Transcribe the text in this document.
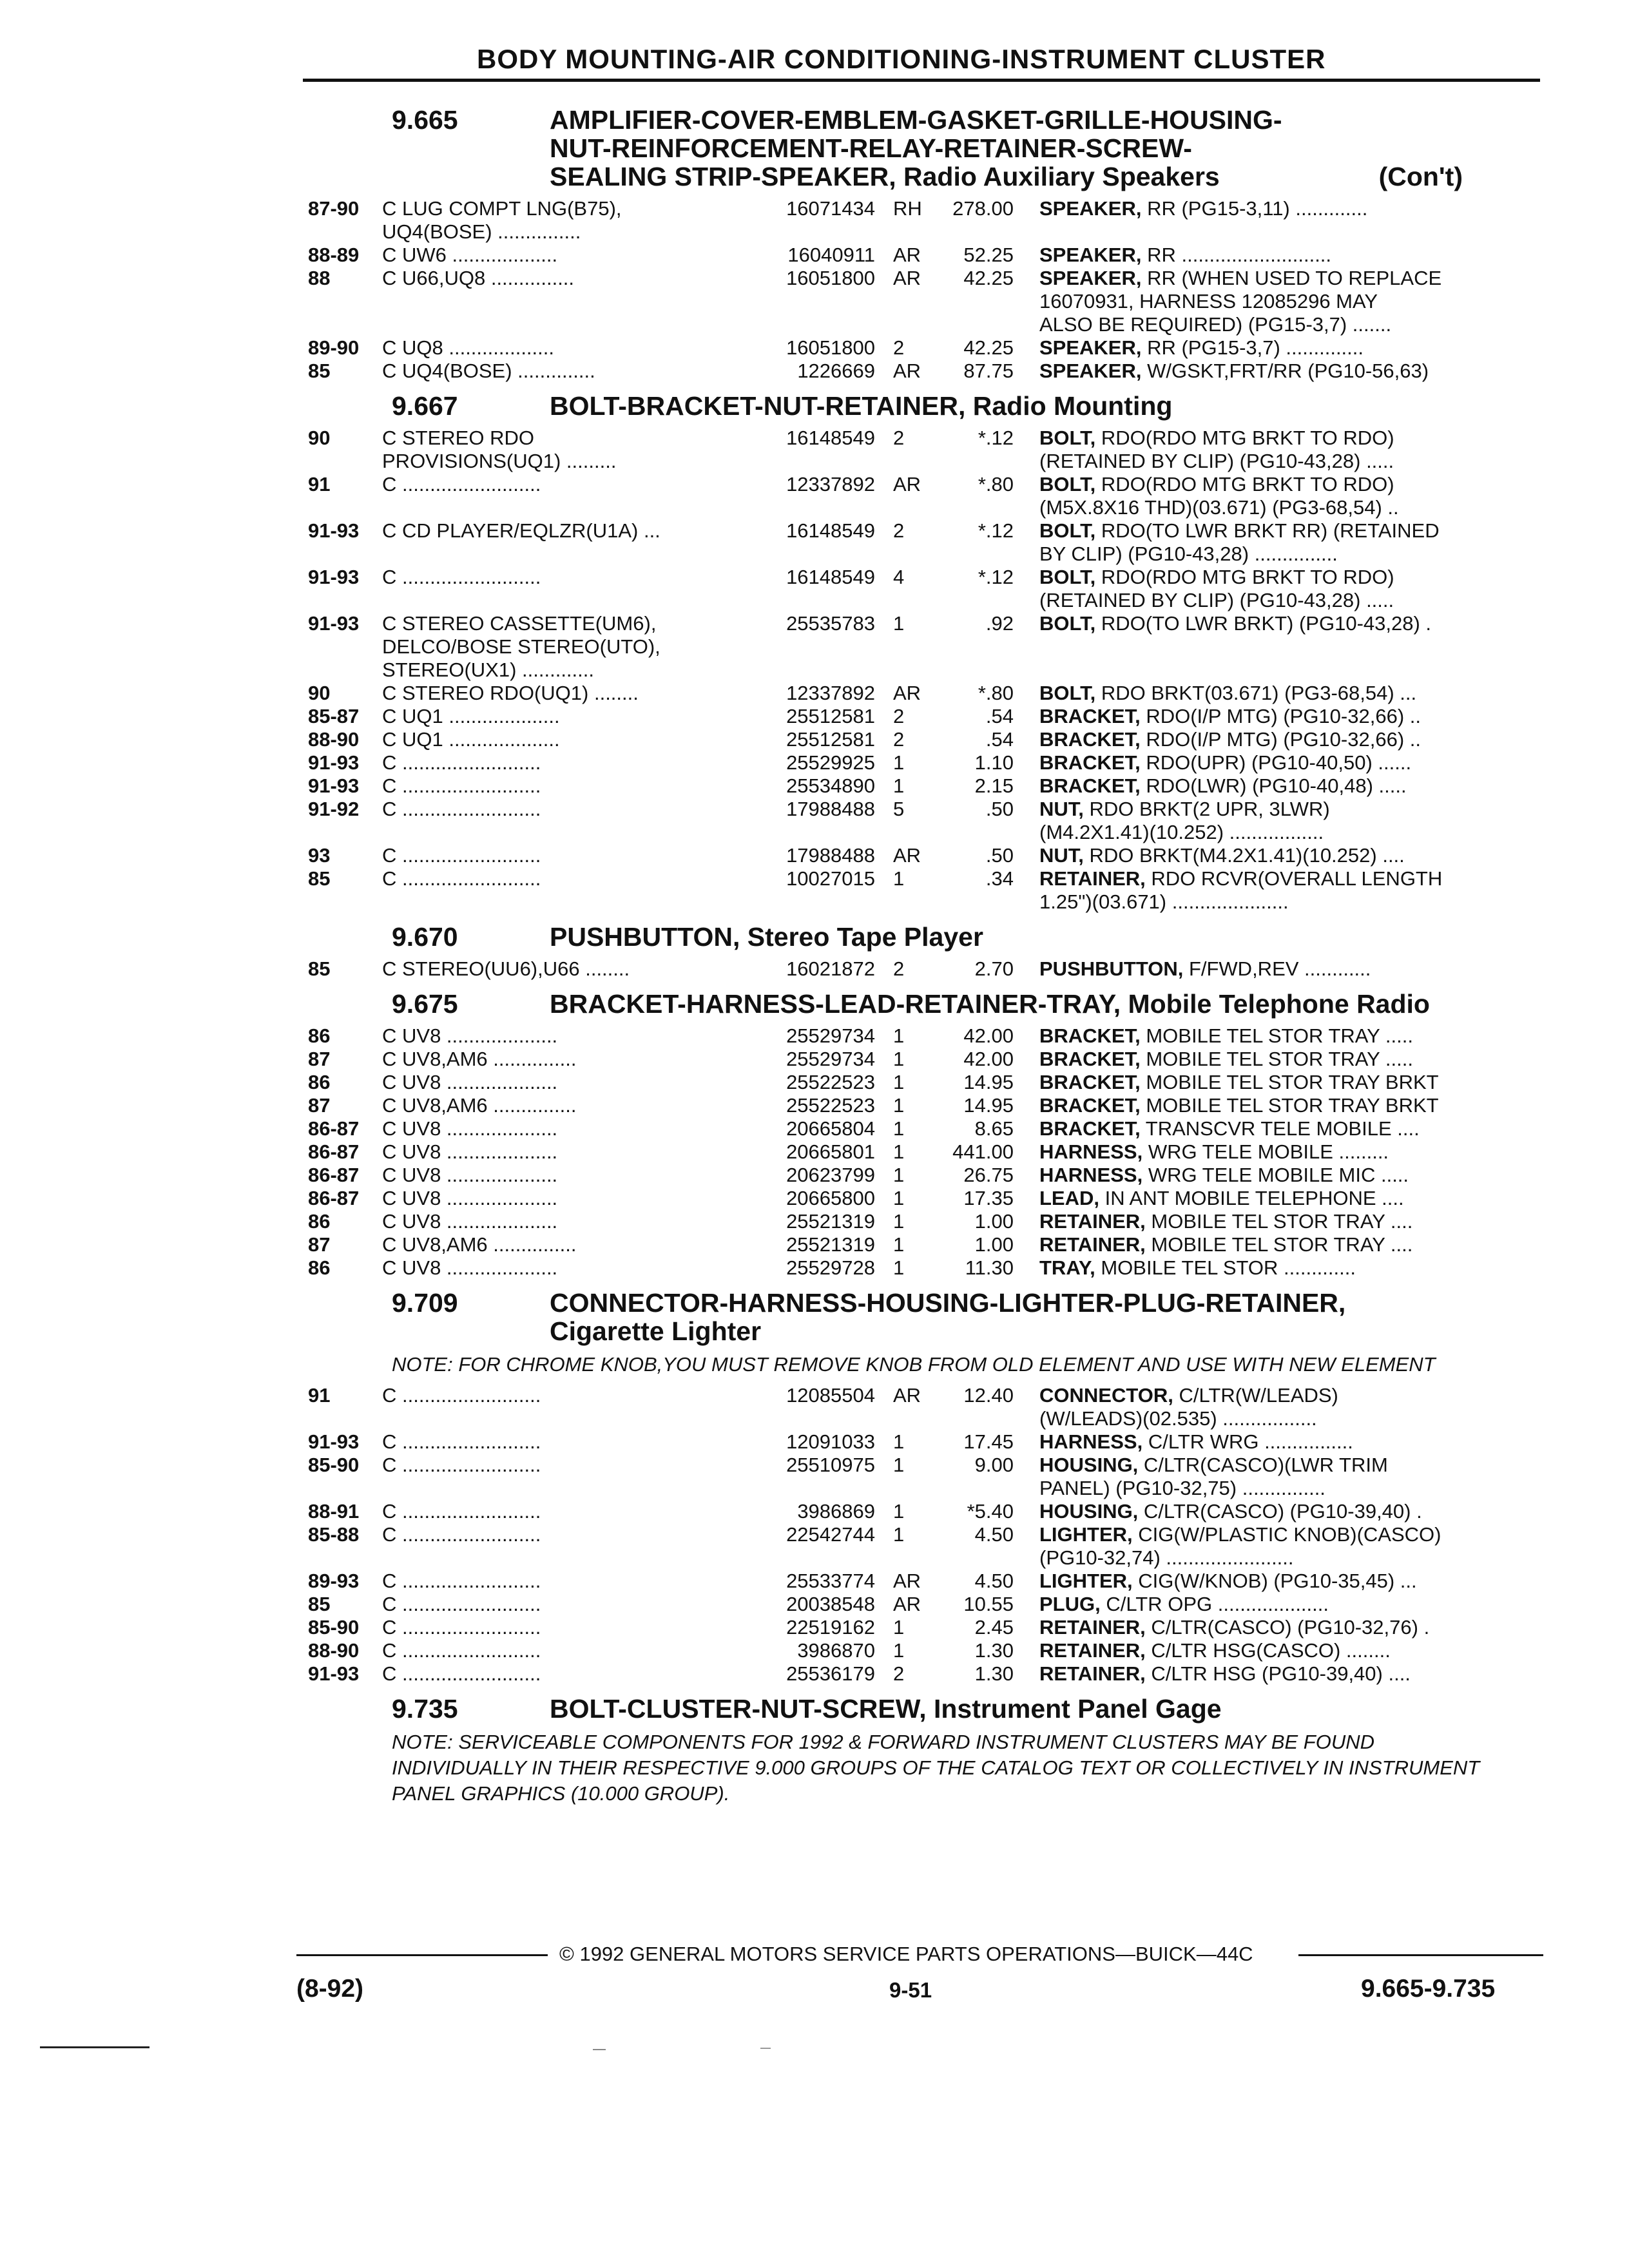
BODY MOUNTING-AIR CONDITIONING-INSTRUMENT CLUSTER
9.665	AMPLIFIER-COVER-EMBLEM-GASKET-GRILLE-HOUSING-
NUT-REINFORCEMENT-RELAY-RETAINER-SCREW-
SEALING STRIP-SPEAKER, Radio Auxiliary Speakers	(Con't)
87-90	C LUG COMPT LNG(B75),
UQ4(BOSE) ...............
16071434 RH	278.00	SPEAKER, RR (PG15-3,11) .............
88-89	C UW6 ...................	16040911 AR	52.25	SPEAKER, RR ...........................
88	C U66,UQ8 ...............	16051800 AR	42.25	SPEAKER, RR (WHEN USED TO REPLACE
16070931, HARNESS 12085296 MAY
ALSO BE REQUIRED) (PG15-3,7) .......
89-90	C UQ8 ...................	16051800 2	42.25	SPEAKER, RR (PG15-3,7) ..............
85	C UQ4(BOSE) ..............	1226669 AR	87.75	SPEAKER, W/GSKT,FRT/RR (PG10-56,63)
9.667	BOLT-BRACKET-NUT-RETAINER, Radio Mounting
90	C STEREO RDO
PROVISIONS(UQ1) .........
16148549 2	*.12	BOLT, RDO(RDO MTG BRKT TO RDO)
(RETAINED BY CLIP) (PG10-43,28) .....
91	C .........................	12337892 AR	*.80	BOLT, RDO(RDO MTG BRKT TO RDO)
(M5X.8X16 THD)(03.671) (PG3-68,54) ..
91-93	C CD PLAYER/EQLZR(U1A) ...	16148549 2	*.12	BOLT, RDO(TO LWR BRKT RR) (RETAINED
BY CLIP) (PG10-43,28) ...............
91-93	C .........................	16148549 4	*.12	BOLT, RDO(RDO MTG BRKT TO RDO)
(RETAINED BY CLIP) (PG10-43,28) .....
91-93	C STEREO CASSETTE(UM6),
DELCO/BOSE STEREO(UTO),
STEREO(UX1) .............
25535783 1	.92	BOLT, RDO(TO LWR BRKT) (PG10-43,28) .
90	C STEREO RDO(UQ1) ........	12337892 AR	*.80	BOLT, RDO BRKT(03.671) (PG3-68,54) ...
85-87	C UQ1 ....................	25512581 2	.54	BRACKET, RDO(I/P MTG) (PG10-32,66) ..
88-90	C UQ1 ....................	25512581 2	.54	BRACKET, RDO(I/P MTG) (PG10-32,66) ..
91-93	C .........................	25529925 1	1.10	BRACKET, RDO(UPR) (PG10-40,50) ......
91-93	C .........................	25534890 1	2.15	BRACKET, RDO(LWR) (PG10-40,48) .....
91-92	C .........................	17988488 5	.50	NUT, RDO BRKT(2 UPR, 3LWR)
(M4.2X1.41)(10.252) .................
93	C .........................	17988488 AR	.50	NUT, RDO BRKT(M4.2X1.41)(10.252) ....
85	C .........................	10027015 1	.34	RETAINER, RDO RCVR(OVERALL LENGTH
1.25")(03.671) .....................
9.670	PUSHBUTTON, Stereo Tape Player
85	C STEREO(UU6),U66 ........	16021872 2	2.70	PUSHBUTTON, F/FWD,REV ............
9.675	BRACKET-HARNESS-LEAD-RETAINER-TRAY, Mobile Telephone Radio
86	C UV8 ....................	25529734 1	42.00	BRACKET, MOBILE TEL STOR TRAY .....
87	C UV8,AM6 ...............	25529734 1	42.00	BRACKET, MOBILE TEL STOR TRAY .....
86	C UV8 ....................	25522523 1	14.95	BRACKET, MOBILE TEL STOR TRAY BRKT
87	C UV8,AM6 ...............	25522523 1	14.95	BRACKET, MOBILE TEL STOR TRAY BRKT
86-87	C UV8 ....................	20665804 1	8.65	BRACKET, TRANSCVR TELE MOBILE ....
86-87	C UV8 ....................	20665801 1	441.00	HARNESS, WRG TELE MOBILE .........
86-87	C UV8 ....................	20623799 1	26.75	HARNESS, WRG TELE MOBILE MIC .....
86-87	C UV8 ....................	20665800 1	17.35	LEAD, IN ANT MOBILE TELEPHONE ....
86	C UV8 ....................	25521319 1	1.00	RETAINER, MOBILE TEL STOR TRAY ....
87	C UV8,AM6 ...............	25521319 1	1.00	RETAINER, MOBILE TEL STOR TRAY ....
86	C UV8 ....................	25529728 1	11.30	TRAY, MOBILE TEL STOR .............
9.709	CONNECTOR-HARNESS-HOUSING-LIGHTER-PLUG-RETAINER,
Cigarette Lighter
NOTE: FOR CHROME KNOB,YOU MUST REMOVE KNOB FROM OLD ELEMENT AND USE WITH NEW ELEMENT
91	C .........................	12085504 AR	12.40	CONNECTOR, C/LTR(W/LEADS)
(W/LEADS)(02.535) .................
91-93	C .........................	12091033 1	17.45	HARNESS, C/LTR WRG ................
85-90	C .........................	25510975 1	9.00	HOUSING, C/LTR(CASCO)(LWR TRIM
PANEL) (PG10-32,75) ...............
88-91	C .........................	3986869 1	*5.40	HOUSING, C/LTR(CASCO) (PG10-39,40) .
85-88	C .........................	22542744 1	4.50	LIGHTER, CIG(W/PLASTIC KNOB)(CASCO)
(PG10-32,74) .......................
89-93	C .........................	25533774 AR	4.50	LIGHTER, CIG(W/KNOB) (PG10-35,45) ...
85	C .........................	20038548 AR	10.55	PLUG, C/LTR OPG ....................
85-90	C .........................	22519162 1	2.45	RETAINER, C/LTR(CASCO) (PG10-32,76) .
88-90	C .........................	3986870 1	1.30	RETAINER, C/LTR HSG(CASCO) ........
91-93	C .........................	25536179 2	1.30	RETAINER, C/LTR HSG (PG10-39,40) ....
9.735	BOLT-CLUSTER-NUT-SCREW, Instrument Panel Gage
NOTE: SERVICEABLE COMPONENTS FOR 1992 & FORWARD INSTRUMENT CLUSTERS MAY BE FOUND INDIVIDUALLY IN THEIR RESPECTIVE 9.000 GROUPS OF THE CATALOG TEXT OR COLLECTIVELY IN INSTRUMENT PANEL GRAPHICS (10.000 GROUP).
© 1992 GENERAL MOTORS SERVICE PARTS OPERATIONS—BUICK—44C
(8-92)	9-51	9.665-9.735
